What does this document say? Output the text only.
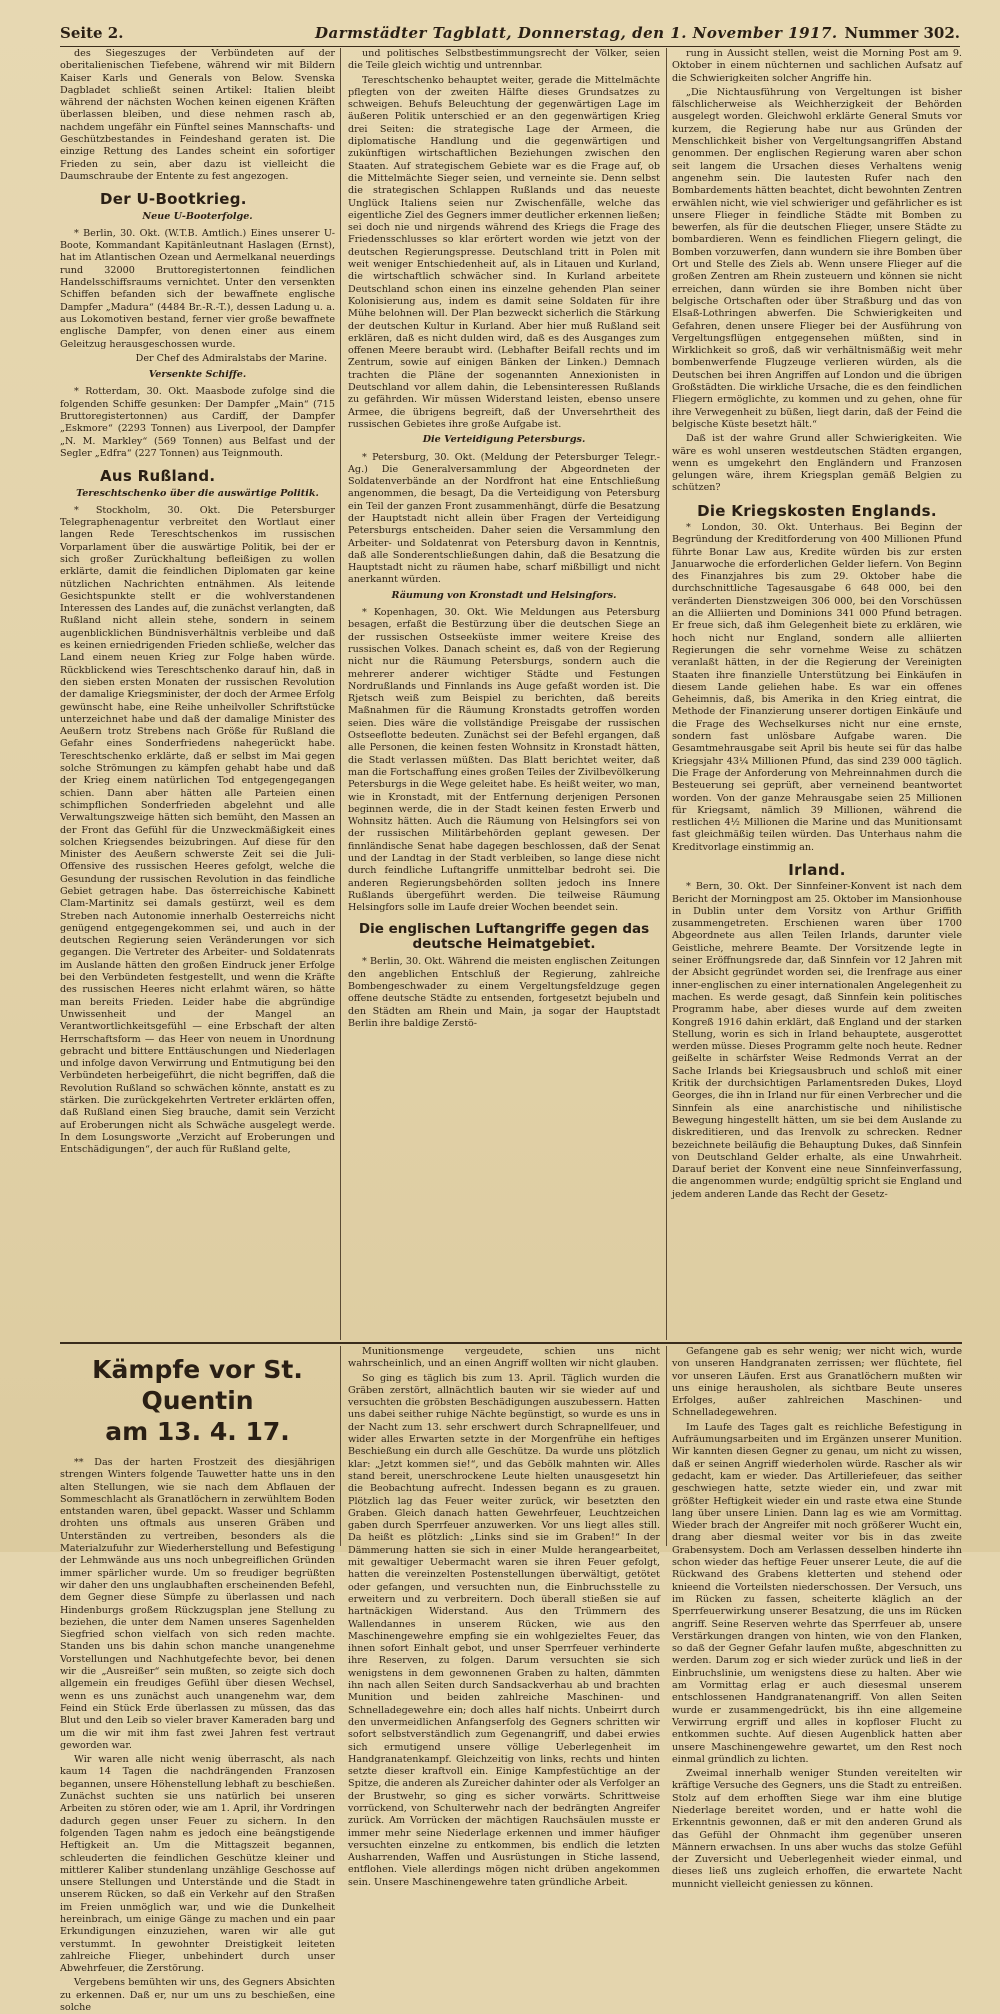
Seite 2.	Darmstädter Tagblatt, Donnerstag, den 1. November 1917. Nummer 302.

des Siegeszuges der Verbündeten auf der oberitalienischen Tiefebene, während wir mit Bildern Kaiser Karls und Generals von Below. Svenska Dagbladet schließt seinen Artikel: Italien bleibt während der nächsten Wochen keinen eigenen Kräften überlassen bleiben, und diese nehmen rasch ab, nachdem ungefähr ein Fünftel seines Mannschafts- und Geschützbestandes in Feindeshand geraten ist. Die einzige Rettung des Landes scheint ein sofortiger Frieden zu sein, aber dazu ist vielleicht die Daumschraube der Entente zu fest angezogen.

Der U-Bootkrieg.
Neue U-Booterfolge.

* Berlin, 30. Okt. (W.T.B. Amtlich.) Eines unserer U-Boote, Kommandant Kapitänleutnant Haslagen (Ernst), hat im Atlantischen Ozean und Aermelkanal neuerdings rund 32000 Bruttoregistertonnen feindlichen Handelsschiffsraums vernichtet. Unter den versenkten Schiffen befanden sich der bewaffnete englische Dampfer „Madura“ (4484 Br.-R.-T.), dessen Ladung u. a. aus Lokomotiven bestand, ferner vier große bewaffnete englische Dampfer, von denen einer aus einem Geleitzug herausgeschossen wurde.

Der Chef des Admiralstabs der Marine.
Versenkte Schiffe.

* Rotterdam, 30. Okt. Maasbode zufolge sind die folgenden Schiffe gesunken: Der Dampfer „Main“ (715 Bruttoregistertonnen) aus Cardiff, der Dampfer „Eskmore“ (2293 Tonnen) aus Liverpool, der Dampfer „N. M. Markley“ (569 Tonnen) aus Belfast und der Segler „Edfra“ (227 Tonnen) aus Teignmouth.

Aus Rußland.
Tereschtschenko über die auswärtige Politik.

* Stockholm, 30. Okt. Die Petersburger Telegraphenagentur verbreitet den Wortlaut einer langen Rede Tereschtschenkos im russischen Vorparlament über die auswärtige Politik, bei der er sich großer Zurückhaltung befleißigen zu wollen erklärte, damit die feindlichen Diplomaten gar keine nützlichen Nachrichten entnähmen. Als leitende Gesichtspunkte stellt er die wohlverstandenen Interessen des Landes auf, die zunächst verlangten, daß Rußland nicht allein stehe, sondern in seinem augenblicklichen Bündnisverhältnis verbleibe und daß es keinen erniedrigenden Frieden schließe, welcher das Land einem neuen Krieg zur Folge haben würde. Rückblickend wies Tereschtschenko darauf hin, daß in den sieben ersten Monaten der russischen Revolution der damalige Kriegsminister, der doch der Armee Erfolg gewünscht habe, eine Reihe unheilvoller Schriftstücke unterzeichnet habe und daß der damalige Minister des Aeußern trotz Strebens nach Größe für Rußland die Gefahr eines Sonderfriedens nahegerückt habe. Tereschtschenko erklärte, daß er selbst im Mai gegen solche Strömungen zu kämpfen gehabt habe und daß der Krieg einem natürlichen Tod entgegengegangen schien. Dann aber hätten alle Parteien einen schimpflichen Sonderfrieden abgelehnt und alle Verwaltungszweige hätten sich bemüht, den Massen an der Front das Gefühl für die Unzweckmäßigkeit eines solchen Kriegsendes beizubringen. Auf diese für den Minister des Aeußern schwerste Zeit sei die Juli-Offensive des russischen Heeres gefolgt, welche die Gesundung der russischen Revolution in das feindliche Gebiet getragen habe. Das österreichische Kabinett Clam-Martinitz sei damals gestürzt, weil es dem Streben nach Autonomie innerhalb Oesterreichs nicht genügend entgegengekommen sei, und auch in der deutschen Regierung seien Veränderungen vor sich gegangen. Die Vertreter des Arbeiter- und Soldatenrats im Auslande hätten den großen Eindruck jener Erfolge bei den Verbündeten festgestellt, und wenn die Kräfte des russischen Heeres nicht erlahmt wären, so hätte man bereits Frieden. Leider habe die abgründige Unwissenheit und der Mangel an Verantwortlichkeitsgefühl — eine Erbschaft der alten Herrschaftsform — das Heer von neuem in Unordnung gebracht und bittere Enttäuschungen und Niederlagen und infolge davon Verwirrung und Entmutigung bei den Verbündeten herbeigeführt, die nicht begriffen, daß die Revolution Rußland so schwächen könnte, anstatt es zu stärken. Die zurückgekehrten Vertreter erklärten offen, daß Rußland einen Sieg brauche, damit sein Verzicht auf Eroberungen nicht als Schwäche ausgelegt werde. In dem Losungsworte „Verzicht auf Eroberungen und Entschädigungen“, der auch für Rußland gelte,

und politisches Selbstbestimmungsrecht der Völker, seien die Teile gleich wichtig und untrennbar.

Tereschtschenko behauptet weiter, gerade die Mittelmächte pflegten von der zweiten Hälfte dieses Grundsatzes zu schweigen. Behufs Beleuchtung der gegenwärtigen Lage im äußeren Politik unterschied er an den gegenwärtigen Krieg drei Seiten: die strategische Lage der Armeen, die diplomatische Handlung und die gegenwärtigen und zukünftigen wirtschaftlichen Beziehungen zwischen den Staaten. Auf strategischem Gebiete war es die Frage auf, ob die Mittelmächte Sieger seien, und verneinte sie. Denn selbst die strategischen Schlappen Rußlands und das neueste Unglück Italiens seien nur Zwischenfälle, welche das eigentliche Ziel des Gegners immer deutlicher erkennen ließen; sei doch nie und nirgends während des Kriegs die Frage des Friedensschlusses so klar erörtert worden wie jetzt von der deutschen Regierungspresse. Deutschland tritt in Polen mit weit weniger Entschiedenheit auf, als in Litauen und Kurland, die wirtschaftlich schwächer sind. In Kurland arbeitete Deutschland schon einen ins einzelne gehenden Plan seiner Kolonisierung aus, indem es damit seine Soldaten für ihre Mühe belohnen will. Der Plan bezweckt sicherlich die Stärkung der deutschen Kultur in Kurland. Aber hier muß Rußland seit erklären, daß es nicht dulden wird, daß es des Ausganges zum offenen Meere beraubt wird. (Lebhafter Beifall rechts und im Zentrum, sowie auf einigen Bänken der Linken.) Demnach trachten die Pläne der sogenannten Annexionisten in Deutschland vor allem dahin, die Lebensinteressen Rußlands zu gefährden. Wir müssen Widerstand leisten, ebenso unsere Armee, die übrigens begreift, daß der Unversehrtheit des russischen Gebietes ihre große Aufgabe ist.

Die Verteidigung Petersburgs.

* Petersburg, 30. Okt. (Meldung der Petersburger Telegr.-Ag.) Die Generalversammlung der Abgeordneten der Soldatenverbände an der Nordfront hat eine Entschließung angenommen, die besagt, Da die Verteidigung von Petersburg ein Teil der ganzen Front zusammenhängt, dürfe die Besatzung der Hauptstadt nicht allein über Fragen der Verteidigung Petersburgs entscheiden. Daher seien die Versammlung den Arbeiter- und Soldatenrat von Petersburg davon in Kenntnis, daß alle Sonderentschließungen dahin, daß die Besatzung die Hauptstadt nicht zu räumen habe, scharf mißbilligt und nicht anerkannt würden.

Räumung von Kronstadt und Helsingfors.

* Kopenhagen, 30. Okt. Wie Meldungen aus Petersburg besagen, erfaßt die Bestürzung über die deutschen Siege an der russischen Ostseeküste immer weitere Kreise des russischen Volkes. Danach scheint es, daß von der Regierung nicht nur die Räumung Petersburgs, sondern auch die mehrerer anderer wichtiger Städte und Festungen Nordrußlands und Finnlands ins Auge gefaßt worden ist. Die Rjetsch weiß zum Beispiel zu berichten, daß bereits Maßnahmen für die Räumung Kronstadts getroffen worden seien. Dies wäre die vollständige Preisgabe der russischen Ostseeflotte bedeuten. Zunächst sei der Befehl ergangen, daß alle Personen, die keinen festen Wohnsitz in Kronstadt hätten, die Stadt verlassen müßten. Das Blatt berichtet weiter, daß man die Fortschaffung eines großen Teiles der Zivilbevölkerung Petersburgs in die Wege geleitet habe. Es heißt weiter, wo man, wie in Kronstadt, mit der Entfernung derjenigen Personen beginnen werde, die in der Stadt keinen festen Erwerb und Wohnsitz hätten. Auch die Räumung von Helsingfors sei von der russischen Militärbehörden geplant gewesen. Der finnländische Senat habe dagegen beschlossen, daß der Senat und der Landtag in der Stadt verbleiben, so lange diese nicht durch feindliche Luftangriffe unmittelbar bedroht sei. Die anderen Regierungsbehörden sollten jedoch ins Innere Rußlands übergeführt werden. Die teilweise Räumung Helsingfors solle im Laufe dreier Wochen beendet sein.

Die englischen Luftangriffe gegen das deutsche Heimatgebiet.

* Berlin, 30. Okt. Während die meisten englischen Zeitungen den angeblichen Entschluß der Regierung, zahlreiche Bombengeschwader zu einem Vergeltungsfeldzuge gegen offene deutsche Städte zu entsenden, fortgesetzt bejubeln und den Städten am Rhein und Main, ja sogar der Hauptstadt Berlin ihre baldige Zerstö-

rung in Aussicht stellen, weist die Morning Post am 9. Oktober in einem nüchternen und sachlichen Aufsatz auf die Schwierigkeiten solcher Angriffe hin.

„Die Nichtausführung von Vergeltungen ist bisher fälschlicherweise als Weichherzigkeit der Behörden ausgelegt worden. Gleichwohl erklärte General Smuts vor kurzem, die Regierung habe nur aus Gründen der Menschlichkeit bisher von Vergeltungsangriffen Abstand genommen. Der englischen Regierung waren aber schon seit langem die Ursachen dieses Verhaltens wenig angenehm sein. Die lautesten Rufer nach den Bombardements hätten beachtet, dicht bewohnten Zentren erwählen nicht, wie viel schwieriger und gefährlicher es ist unsere Flieger in feindliche Städte mit Bomben zu bewerfen, als für die deutschen Flieger, unsere Städte zu bombardieren. Wenn es feindlichen Fliegern gelingt, die Bomben vorzuwerfen, dann wundern sie ihre Bomben über Ort und Stelle des Ziels ab. Wenn unsere Flieger auf die großen Zentren am Rhein zusteuern und können sie nicht erreichen, dann würden sie ihre Bomben nicht über belgische Ortschaften oder über Straßburg und das von Elsaß-Lothringen abwerfen. Die Schwierigkeiten und Gefahren, denen unsere Flieger bei der Ausführung von Vergeltungsflügen entgegensehen müßten, sind in Wirklichkeit so groß, daß wir verhältnismäßig weit mehr bombenwerfende Flugzeuge verlieren würden, als die Deutschen bei ihren Angriffen auf London und die übrigen Großstädten. Die wirkliche Ursache, die es den feindlichen Fliegern ermöglichte, zu kommen und zu gehen, ohne für ihre Verwegenheit zu büßen, liegt darin, daß der Feind die belgische Küste besetzt hält.“

Daß ist der wahre Grund aller Schwierigkeiten. Wie wäre es wohl unseren westdeutschen Städten ergangen, wenn es umgekehrt den Engländern und Franzosen gelungen wäre, ihrem Kriegsplan gemäß Belgien zu schützen?

Die Kriegskosten Englands.

* London, 30. Okt. Unterhaus. Bei Beginn der Begründung der Kreditforderung von 400 Millionen Pfund führte Bonar Law aus, Kredite würden bis zur ersten Januarwoche die erforderlichen Gelder liefern. Von Beginn des Finanzjahres bis zum 29. Oktober habe die durchschnittliche Tagesausgabe 6 648 000, bei den veränderten Dienstzweigen 306 000, bei den Vorschüssen an die Alliierten und Dominions 341 000 Pfund betragen. Er freue sich, daß ihm Gelegenheit biete zu erklären, wie hoch nicht nur England, sondern alle alliierten Regierungen die sehr vornehme Weise zu schätzen veranlaßt hätten, in der die Regierung der Vereinigten Staaten ihre finanzielle Unterstützung bei Einkäufen in diesem Lande geliehen habe. Es war ein offenes Geheimnis, daß, bis Amerika in den Krieg eintrat, die Methode der Finanzierung unserer dortigen Einkäufe und die Frage des Wechselkurses nicht nur eine ernste, sondern fast unlösbare Aufgabe waren. Die Gesamtmehrausgabe seit April bis heute sei für das halbe Kriegsjahr 43¼ Millionen Pfund, das sind 239 000 täglich. Die Frage der Anforderung von Mehreinnahmen durch die Besteuerung sei geprüft, aber verneinend beantwortet worden. Von der ganze Mehrausgabe seien 25 Millionen für Kriegsamt, nämlich 39 Millionen, während die restlichen 4½ Millionen die Marine und das Munitionsamt fast gleichmäßig teilen würden. Das Unterhaus nahm die Kreditvorlage einstimmig an.

Irland.

* Bern, 30. Okt. Der Sinnfeiner-Konvent ist nach dem Bericht der Morningpost am 25. Oktober im Mansionhouse in Dublin unter dem Vorsitz von Arthur Griffith zusammengetreten. Erschienen waren über 1700 Abgeordnete aus allen Teilen Irlands, darunter viele Geistliche, mehrere Beamte. Der Vorsitzende legte in seiner Eröffnungsrede dar, daß Sinnfein vor 12 Jahren mit der Absicht gegründet worden sei, die Irenfrage aus einer inner-englischen zu einer internationalen Angelegenheit zu machen. Es werde gesagt, daß Sinnfein kein politisches Programm habe, aber dieses wurde auf dem zweiten Kongreß 1916 dahin erklärt, daß England und der starken Stellung, worin es sich in Irland behauptete, ausgerottet werden müsse. Dieses Programm gelte noch heute. Redner geißelte in schärfster Weise Redmonds Verrat an der Sache Irlands bei Kriegsausbruch und schloß mit einer Kritik der durchsichtigen Parlamentsreden Dukes, Lloyd Georges, die ihn in Irland nur für einen Verbrecher und die Sinnfein als eine anarchistische und nihilistische Bewegung hingestellt hätten, um sie bei dem Auslande zu diskreditieren, und das Irenvolk zu schrecken. Redner bezeichnete beiläufig die Behauptung Dukes, daß Sinnfein von Deutschland Gelder erhalte, als eine Unwahrheit. Darauf beriet der Konvent eine neue Sinnfeinverfassung, die angenommen wurde; endgültig spricht sie England und jedem anderen Lande das Recht der Gesetz-

Kämpfe vor St. Quentin
am 13. 4. 17.

** Das der harten Frostzeit des diesjährigen strengen Winters folgende Tauwetter hatte uns in den alten Stellungen, wie sie nach dem Abflauen der Sommeschlacht als Granatlöchern in zerwühltem Boden entstanden waren, übel gepackt. Wasser und Schlamm drohten uns oftmals aus unseren Gräben und Unterständen zu vertreiben, besonders als die Materialzufuhr zur Wiederherstellung und Befestigung der Lehmwände aus uns noch unbegreiflichen Gründen immer spärlicher wurde. Um so freudiger begrüßten wir daher den uns unglaubhaften erscheinenden Befehl, dem Gegner diese Sümpfe zu überlassen und nach Hindenburgs großem Rückzugsplan jene Stellung zu beziehen, die unter dem Namen unseres Sagenhelden Siegfried schon vielfach von sich reden machte. Standen uns bis dahin schon manche unangenehme Vorstellungen und Nachhutgefechte bevor, bei denen wir die „Ausreißer“ sein mußten, so zeigte sich doch allgemein ein freudiges Gefühl über diesen Wechsel, wenn es uns zunächst auch unangenehm war, dem Feind ein Stück Erde überlassen zu müssen, das das Blut und den Leib so vieler braver Kameraden barg und um die wir mit ihm fast zwei Jahren fest vertraut geworden war.

Wir waren alle nicht wenig überrascht, als nach kaum 14 Tagen die nachdrängenden Franzosen begannen, unsere Höhenstellung lebhaft zu beschießen. Zunächst suchten sie uns natürlich bei unseren Arbeiten zu stören oder, wie am 1. April, ihr Vordringen dadurch gegen unser Feuer zu sichern. In den folgenden Tagen nahm es jedoch eine beängstigende Heftigkeit an. Um die Mittagszeit begannen, schleuderten die feindlichen Geschütze kleiner und mittlerer Kaliber stundenlang unzählige Geschosse auf unsere Stellungen und Unterstände und die Stadt in unserem Rücken, so daß ein Verkehr auf den Straßen im Freien unmöglich war, und wie die Dunkelheit hereinbrach, um einige Gänge zu machen und ein paar Erkundigungen einzuziehen, waren wir alle gut verstummt. In gewohnter Dreistigkeit leiteten zahlreiche Flieger, unbehindert durch unser Abwehrfeuer, die Zerstörung.

Vergebens bemühten wir uns, des Gegners Absichten zu erkennen. Daß er, nur um uns zu beschießen, eine solche

Munitionsmenge vergeudete, schien uns nicht wahrscheinlich, und an einen Angriff wollten wir nicht glauben.

So ging es täglich bis zum 13. April. Täglich wurden die Gräben zerstört, allnächtlich bauten wir sie wieder auf und versuchten die gröbsten Beschädigungen auszubessern. Hatten uns dabei seither ruhige Nächte begünstigt, so wurde es uns in der Nacht zum 13. sehr erschwert durch Schrapnellfeuer, und wider alles Erwarten setzte in der Morgenfrühe ein heftiges Beschießung ein durch alle Geschütze. Da wurde uns plötzlich klar: „Jetzt kommen sie!“, und das Gebölk mahnten wir. Alles stand bereit, unerschrockene Leute hielten unausgesetzt hin die Beobachtung aufrecht. Indessen begann es zu grauen. Plötzlich lag das Feuer weiter zurück, wir besetzten den Graben. Gleich danach hatten Gewehrfeuer, Leuchtzeichen gaben durch Sperrfeuer anzuwerken. Vor uns liegt alles still. Da heißt es plötzlich: „Links sind sie im Graben!“ In der Dämmerung hatten sie sich in einer Mulde herangearbeitet, mit gewaltiger Uebermacht waren sie ihren Feuer gefolgt, hatten die vereinzelten Postenstellungen überwältigt, getötet oder gefangen, und versuchten nun, die Einbruchsstelle zu erweitern und zu verbreitern. Doch überall stießen sie auf hartnäckigen Widerstand. Aus den Trümmern des Wallendannes in unserem Rücken, wie aus den Maschinengewehre empfing sie ein wohlgezieltes Feuer, das ihnen sofort Einhalt gebot, und unser Sperrfeuer verhinderte ihre Reserven, zu folgen. Darum versuchten sie sich wenigstens in dem gewonnenen Graben zu halten, dämmten ihn nach allen Seiten durch Sandsackverhau ab und brachten Munition und beiden zahlreiche Maschinen- und Schnelladegewehre ein; doch alles half nichts. Unbeirrt durch den unvermeidlichen Anfangserfolg des Gegners schritten wir sofort selbstverständlich zum Gegenangriff, und dabei erwies sich ermutigend unsere völlige Ueberlegenheit im Handgranatenkampf. Gleichzeitig von links, rechts und hinten setzte dieser kraftvoll ein. Einige Kampfestüchtige an der Spitze, die anderen als Zureicher dahinter oder als Verfolger an der Brustwehr, so ging es sicher vorwärts. Schrittweise vorrückend, von Schulterwehr nach der bedrängten Angreifer zurück. Am Vorrücken der mächtigen Rauchsäulen musste er immer mehr seine Niederlage erkennen und immer häufiger versuchten einzelne zu entkommen, bis endlich die letzten Ausharrenden, Waffen und Ausrüstungen in Stiche lassend, entflohen. Viele allerdings mögen nicht drüben angekommen sein. Unsere Maschinengewehre taten gründliche Arbeit.

Gefangene gab es sehr wenig; wer nicht wich, wurde von unseren Handgranaten zerrissen; wer flüchtete, fiel vor unseren Läufen. Erst aus Granatlöchern mußten wir uns einige herausholen, als sichtbare Beute unseres Erfolges, außer zahlreichen Maschinen- und Schnelladegewehren.

Im Laufe des Tages galt es reichliche Befestigung in Aufräumungsarbeiten und im Ergänzen unserer Munition. Wir kannten diesen Gegner zu genau, um nicht zu wissen, daß er seinen Angriff wiederholen würde. Rascher als wir gedacht, kam er wieder. Das Artilleriefeuer, das seither geschwiegen hatte, setzte wieder ein, und zwar mit größter Heftigkeit wieder ein und raste etwa eine Stunde lang über unsere Linien. Dann lag es wie am Vormittag. Wieder brach der Angreifer mit noch größerer Wucht ein, drang aber diesmal weiter vor bis in das zweite Grabensystem. Doch am Verlassen desselben hinderte ihn schon wieder das heftige Feuer unserer Leute, die auf die Rückwand des Grabens kletterten und stehend oder knieend die Vorteilsten niederschossen. Der Versuch, uns im Rücken zu fassen, scheiterte kläglich an der Sperrfeuerwirkung unserer Besatzung, die uns im Rücken angriff. Seine Reserven wehrte das Sperrfeuer ab, unsere Verstärkungen drangen von hinten, wie von den Flanken, so daß der Gegner Gefahr laufen mußte, abgeschnitten zu werden. Darum zog er sich wieder zurück und ließ in der Einbruchslinie, um wenigstens diese zu halten. Aber wie am Vormittag erlag er auch diesesmal unserem entschlossenen Handgranatenangriff. Von allen Seiten wurde er zusammengedrückt, bis ihn eine allgemeine Verwirrung ergriff und alles in kopfloser Flucht zu entkommen suchte. Auf diesen Augenblick hatten aber unsere Maschinengewehre gewartet, um den Rest noch einmal gründlich zu lichten.

Zweimal innerhalb weniger Stunden vereitelten wir kräftige Versuche des Gegners, uns die Stadt zu entreißen. Stolz auf dem erhofften Siege war ihm eine blutige Niederlage bereitet worden, und er hatte wohl die Erkenntnis gewonnen, daß er mit den anderen Grund als das Gefühl der Ohnmacht ihm gegenüber unseren Männern erwachsen. In uns aber wuchs das stolze Gefühl der Zuversicht und Ueberlegenheit wieder einmal, und dieses ließ uns zugleich erhoffen, die erwartete Nacht munnicht vielleicht geniessen zu können.
